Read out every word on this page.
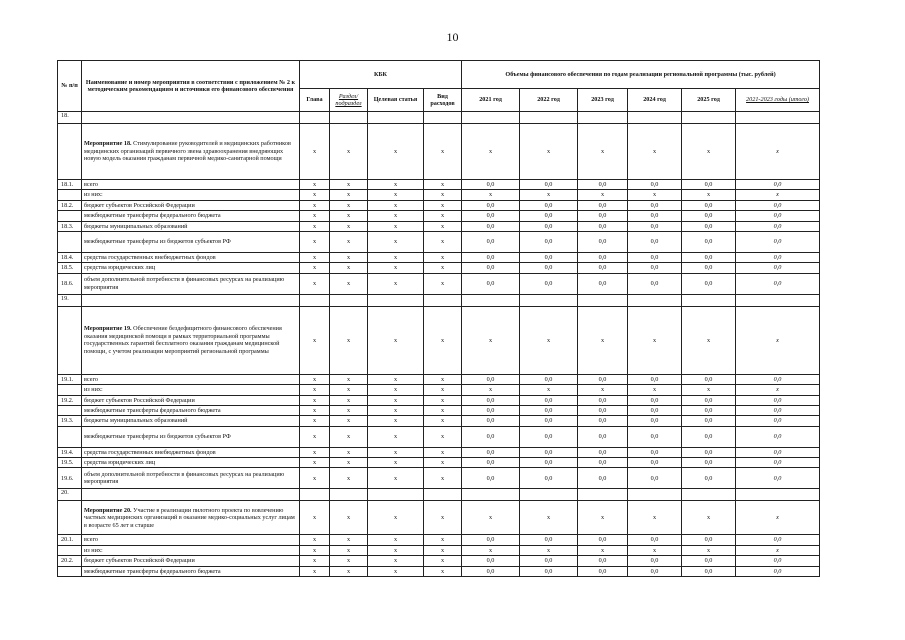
10
№ п/п	Наименование и номер мероприятия в соответствии с приложением № 2 к методическим рекомендациям и источники его финансового обеспечения	КБК				Объемы финансового обеспечения по годам реализации региональной программы (тыс. рублей)					
		Глава	Раздел/ подраздел	Целевая статья	Вид расходов	2021 год	2022 год	2023 год	2024 год	2025 год	2021-2023 годы (итого)
18.											
	Мероприятие 18. Стимулирование руководителей и медицинских работников медицинских организаций первичного звена здравоохранения внедряющих новую модель оказания гражданам первичной медико-санитарной помощи	х	х	х	х	х	х	х	х	х	х
18.1.	всего	х	х	х	х	0,0	0,0	0,0	0,0	0,0	0,0
	из них:	х	х	х	х	х	х	х	х	х	х
18.2.	бюджет субъектов Российской Федерации	х	х	х	х	0,0	0,0	0,0	0,0	0,0	0,0
	межбюджетные трансферты федерального бюджета	х	х	х	х	0,0	0,0	0,0	0,0	0,0	0,0
18.3.	бюджеты муниципальных образований	х	х	х	х	0,0	0,0	0,0	0,0	0,0	0,0
	межбюджетные трансферты из бюджетов субъектов РФ	х	х	х	х	0,0	0,0	0,0	0,0	0,0	0,0
18.4.	средства государственных внебюджетных фондов	х	х	х	х	0,0	0,0	0,0	0,0	0,0	0,0
18.5.	средства юридических лиц	х	х	х	х	0,0	0,0	0,0	0,0	0,0	0,0
18.6.	объем дополнительной потребности в финансовых ресурсах на реализацию мероприятия	х	х	х	х	0,0	0,0	0,0	0,0	0,0	0,0
19.											
	Мероприятие 19. Обеспечение бездефицитного финансового обеспечения оказания медицинской помощи в рамках территориальной программы государственных гарантий бесплатного оказания гражданам медицинской помощи, с учетом реализации мероприятий региональной программы	х	х	х	х	х	х	х	х	х	х
19.1.	всего	х	х	х	х	0,0	0,0	0,0	0,0	0,0	0,0
	из них:	х	х	х	х	х	х	х	х	х	х
19.2.	бюджет субъектов Российской Федерации	х	х	х	х	0,0	0,0	0,0	0,0	0,0	0,0
	межбюджетные трансферты федерального бюджета	х	х	х	х	0,0	0,0	0,0	0,0	0,0	0,0
19.3.	бюджеты муниципальных образований	х	х	х	х	0,0	0,0	0,0	0,0	0,0	0,0
	межбюджетные трансферты из бюджетов субъектов РФ	х	х	х	х	0,0	0,0	0,0	0,0	0,0	0,0
19.4.	средства государственных внебюджетных фондов	х	х	х	х	0,0	0,0	0,0	0,0	0,0	0,0
19.5.	средства юридических лиц	х	х	х	х	0,0	0,0	0,0	0,0	0,0	0,0
19.6.	объем дополнительной потребности в финансовых ресурсах на реализацию мероприятия	х	х	х	х	0,0	0,0	0,0	0,0	0,0	0,0
20.											
	Мероприятие 20. Участие в реализации пилотного проекта по вовлечению частных медицинских организаций в оказание медико-социальных услуг лицам в возрасте 65 лет и старше	х	х	х	х	х	х	х	х	х	х
20.1.	всего	х	х	х	х	0,0	0,0	0,0	0,0	0,0	0,0
	из них:	х	х	х	х	х	х	х	х	х	х
20.2.	бюджет субъектов Российской Федерации	х	х	х	х	0,0	0,0	0,0	0,0	0,0	0,0
	межбюджетные трансферты федерального бюджета	х	х	х	х	0,0	0,0	0,0	0,0	0,0	0,0
